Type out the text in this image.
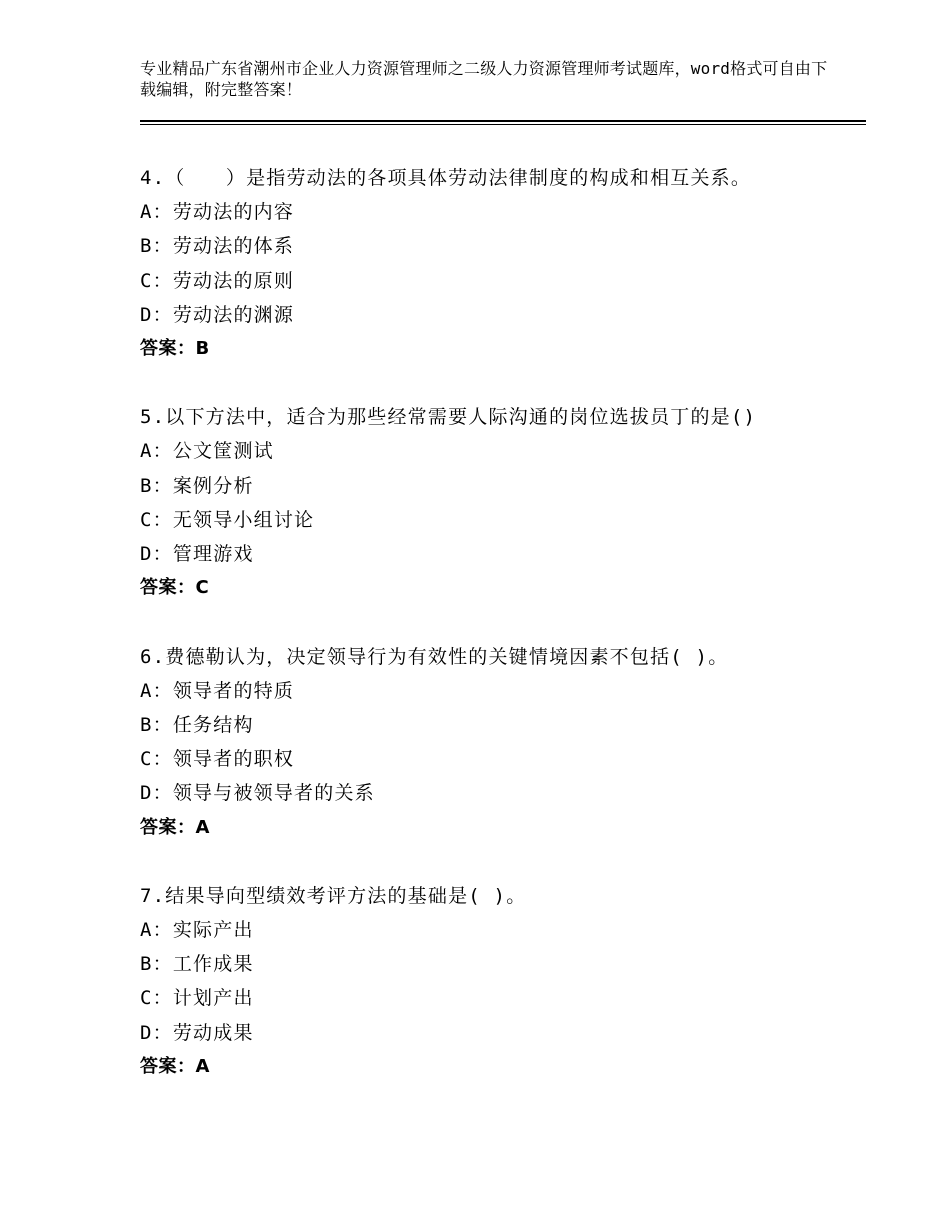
专业精品广东省潮州市企业人力资源管理师之二级人力资源管理师考试题库，word格式可自由下载编辑，附完整答案！
4.（　　）是指劳动法的各项具体劳动法律制度的构成和相互关系。
A：劳动法的内容
B：劳动法的体系
C：劳动法的原则
D：劳动法的渊源
答案：B
5.以下方法中，适合为那些经常需要人际沟通的岗位选拔员丁的是()
A：公文筐测试
B：案例分析
C：无领导小组讨论
D：管理游戏
答案：C
6.费德勒认为，决定领导行为有效性的关键情境因素不包括( )。
A：领导者的特质
B：任务结构
C：领导者的职权
D：领导与被领导者的关系
答案：A
7.结果导向型绩效考评方法的基础是( )。
A：实际产出
B：工作成果
C：计划产出
D：劳动成果
答案：A
